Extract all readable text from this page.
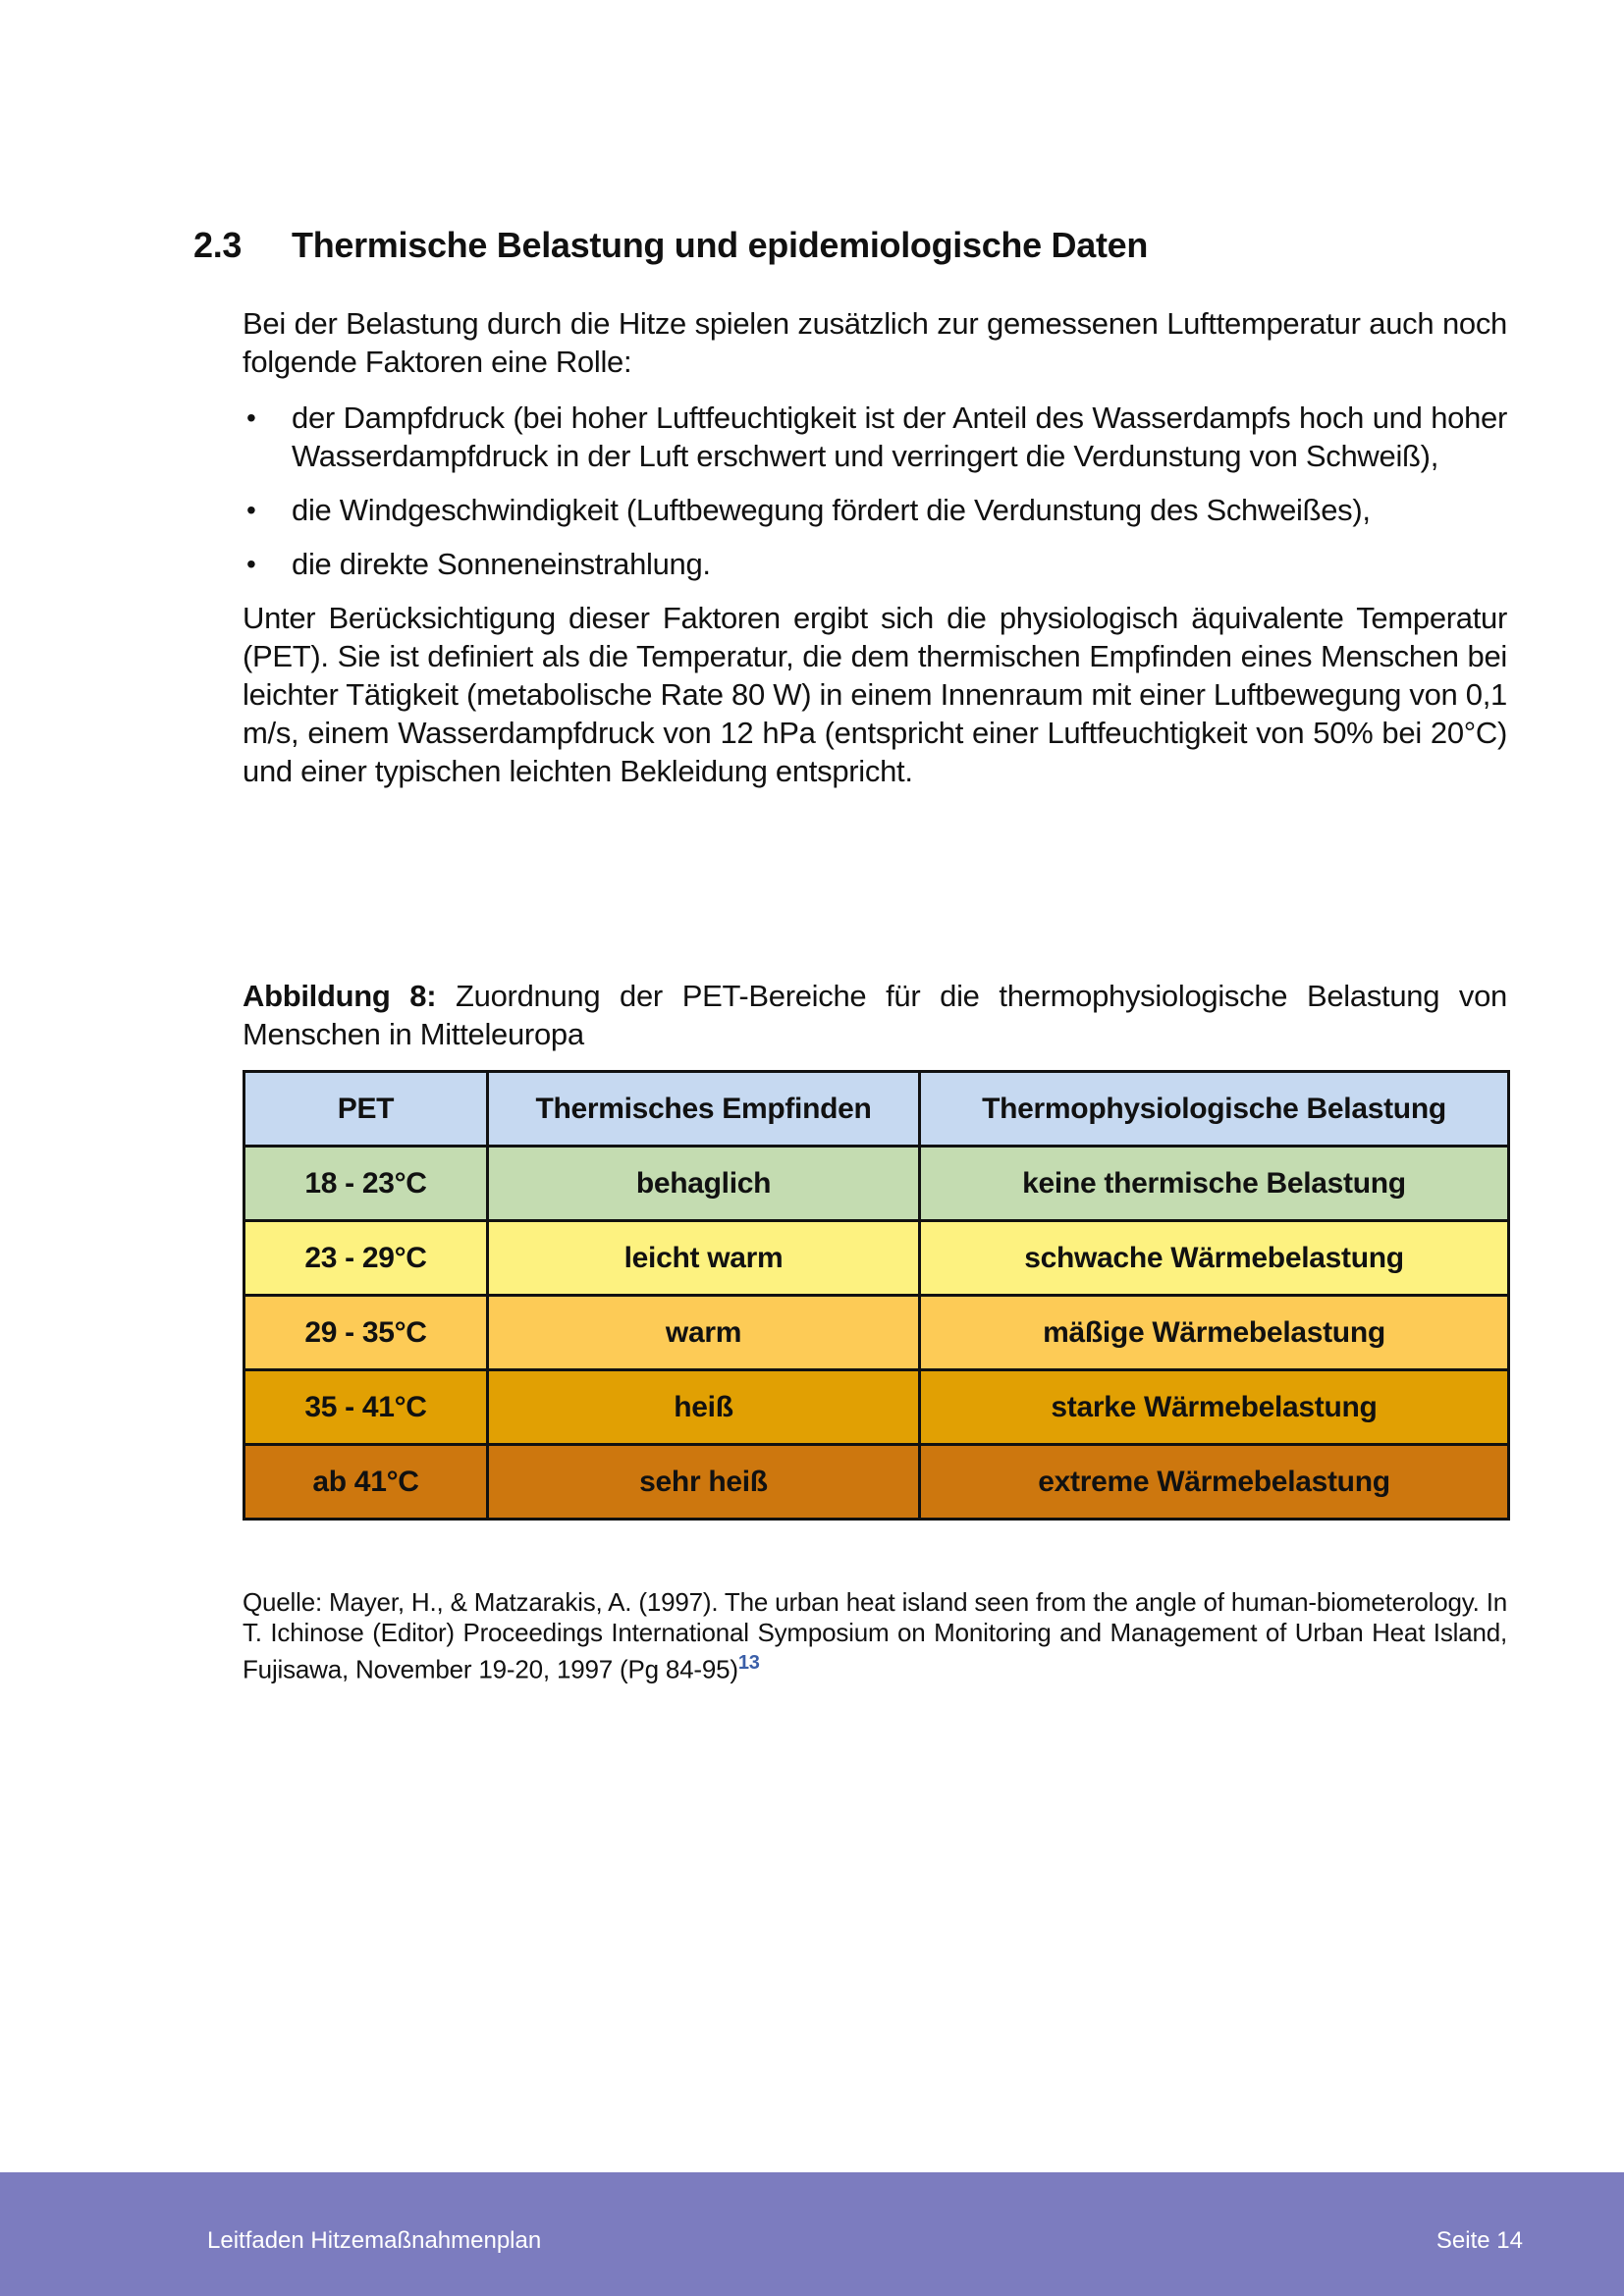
2.3 Thermische Belastung und epidemiologische Daten

Bei der Belastung durch die Hitze spielen zusätzlich zur gemessenen Lufttemperatur auch noch folgende Faktoren eine Rolle:

• der Dampfdruck (bei hoher Luftfeuchtigkeit ist der Anteil des Wasserdampfs hoch und hoher Wasserdampfdruck in der Luft erschwert und verringert die Verdunstung von Schweiß),
• die Windgeschwindigkeit (Luftbewegung fördert die Verdunstung des Schweißes),
• die direkte Sonneneinstrahlung.

Unter Berücksichtigung dieser Faktoren ergibt sich die physiologisch äquivalente Temperatur (PET). Sie ist definiert als die Temperatur, die dem thermischen Empfinden eines Menschen bei leichter Tätigkeit (metabolische Rate 80 W) in einem Innenraum mit einer Luftbewegung von 0,1 m/s, einem Wasserdampfdruck von 12 hPa (entspricht einer Luftfeuchtigkeit von 50% bei 20°C) und einer typischen leichten Bekleidung entspricht.

Abbildung 8: Zuordnung der PET-Bereiche für die thermophysiologische Belastung von Menschen in Mitteleuropa

PET	Thermisches Empfinden	Thermophysiologische Belastung
18 - 23°C	behaglich	keine thermische Belastung
23 - 29°C	leicht warm	schwache Wärmebelastung
29 - 35°C	warm	mäßige Wärmebelastung
35 - 41°C	heiß	starke Wärmebelastung
ab 41°C	sehr heiß	extreme Wärmebelastung

Quelle: Mayer, H., & Matzarakis, A. (1997). The urban heat island seen from the angle of human-biometerology. In T. Ichinose (Editor) Proceedings International Symposium on Monitoring and Management of Urban Heat Island, Fujisawa, November 19-20, 1997 (Pg 84-95)$^{13}$

Leitfaden Hitzemaßnahmenplan	Seite 14
